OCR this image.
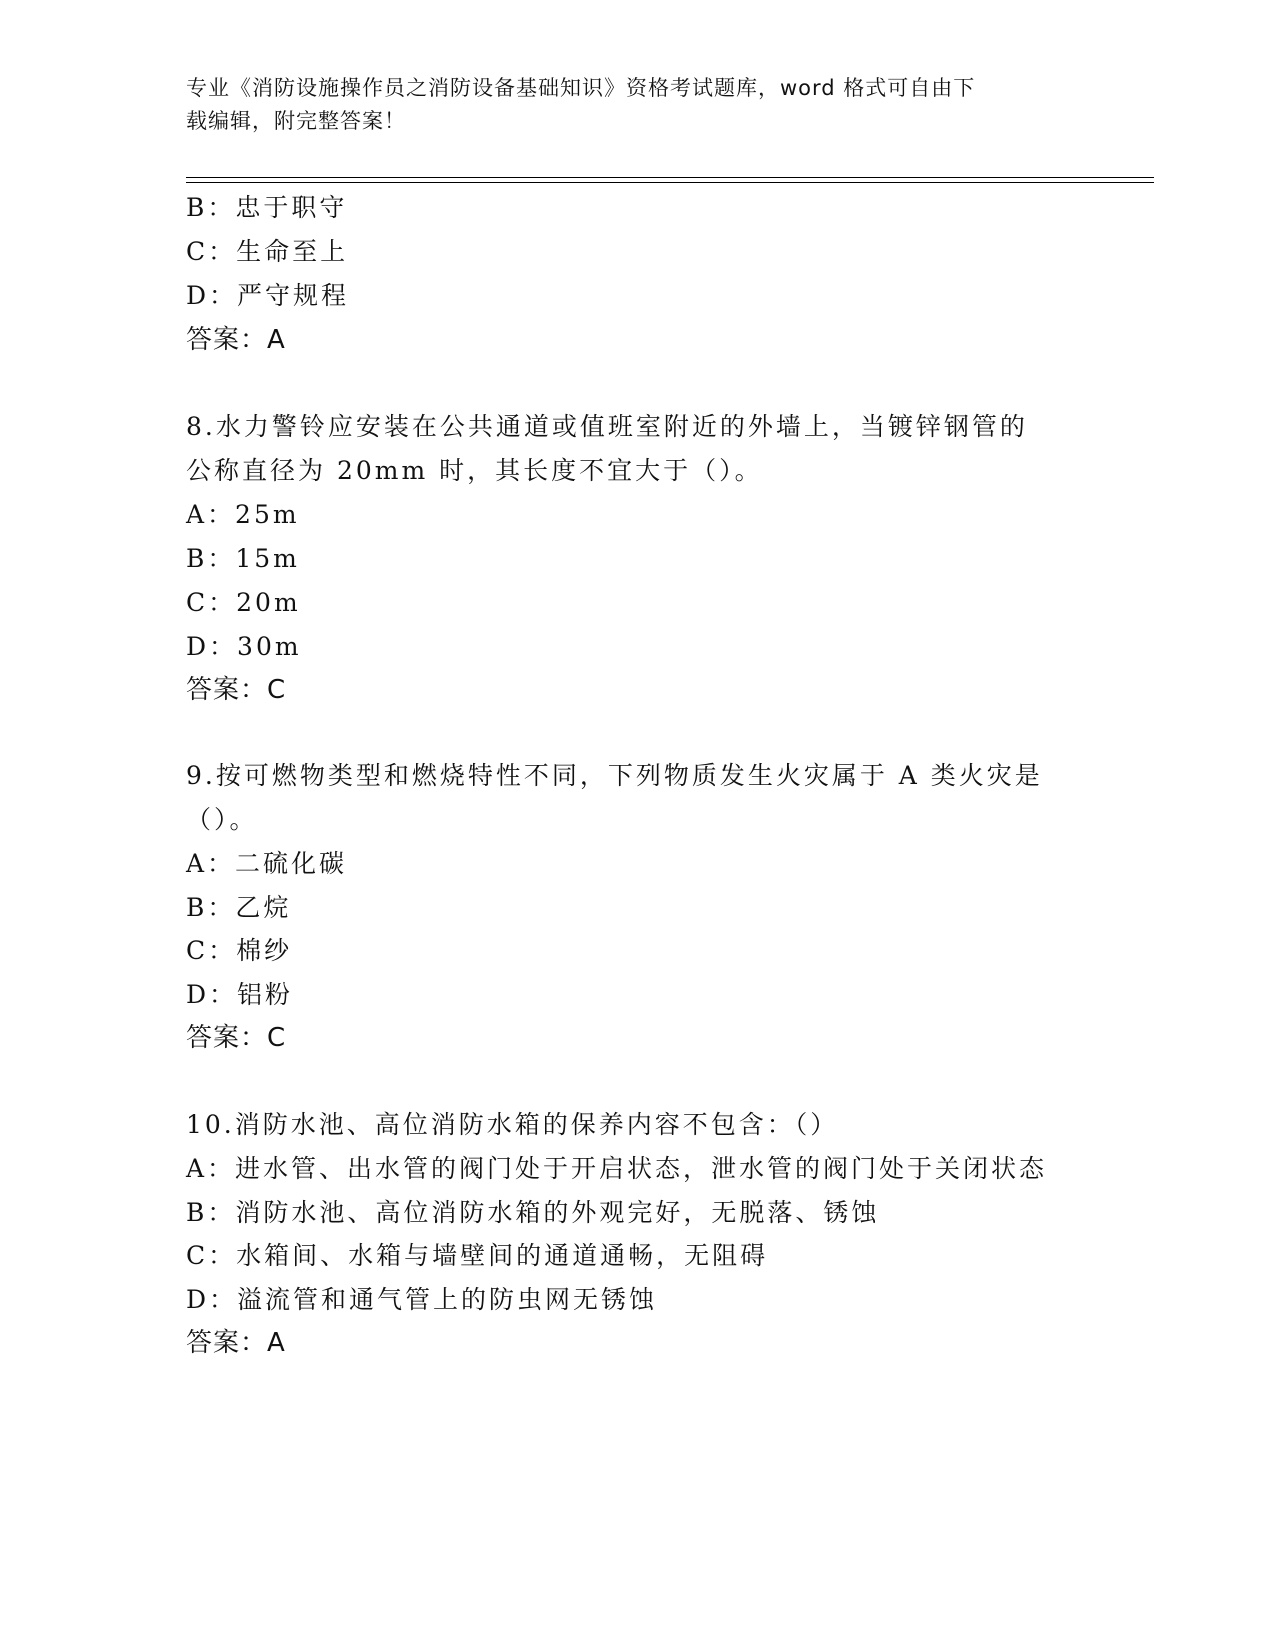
专业《消防设施操作员之消防设备基础知识》资格考试题库，word 格式可自由下
载编辑，附完整答案！
B：忠于职守
C：生命至上
D：严守规程
答案：A
8.水力警铃应安装在公共通道或值班室附近的外墙上，当镀锌钢管的
公称直径为 20mm 时，其长度不宜大于（）。
A：25m
B：15m
C：20m
D：30m
答案：C
9.按可燃物类型和燃烧特性不同，下列物质发生火灾属于 A 类火灾是
（）。
A：二硫化碳
B：乙烷
C：棉纱
D：铝粉
答案：C
10.消防水池、高位消防水箱的保养内容不包含：（）
A：进水管、出水管的阀门处于开启状态，泄水管的阀门处于关闭状态
B：消防水池、高位消防水箱的外观完好，无脱落、锈蚀
C：水箱间、水箱与墙壁间的通道通畅，无阻碍
D：溢流管和通气管上的防虫网无锈蚀
答案：A
